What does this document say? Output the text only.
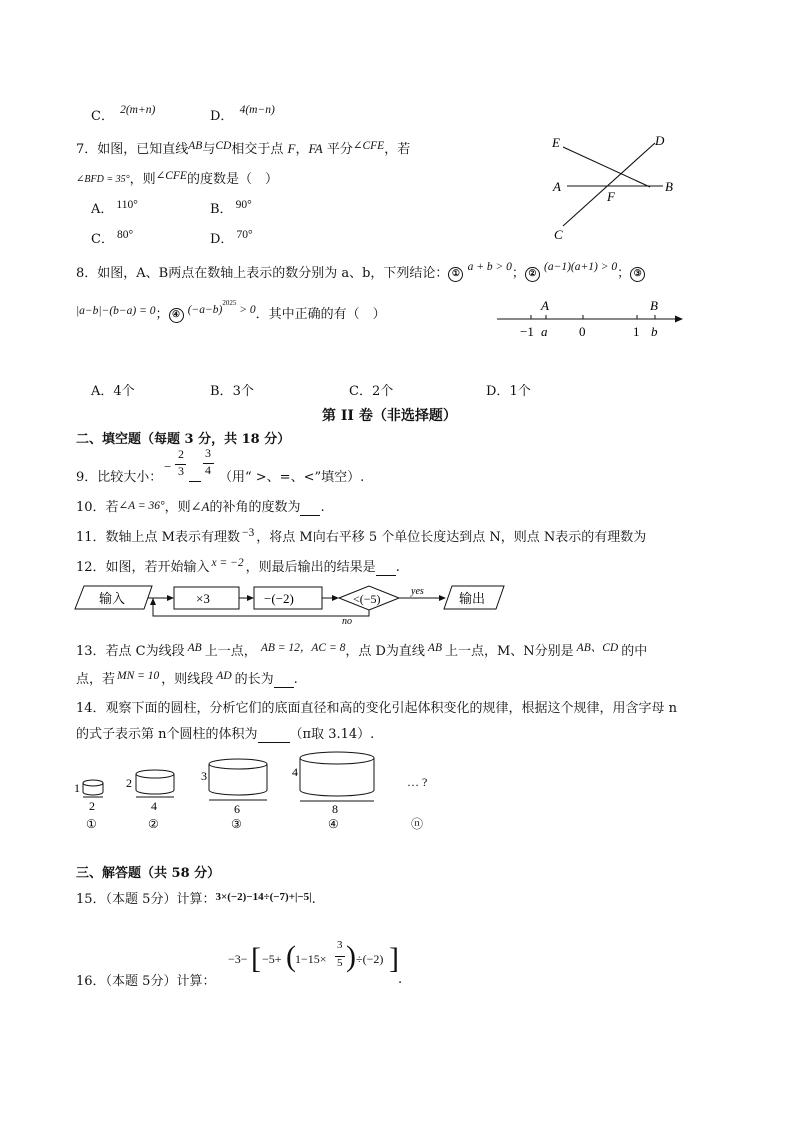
C． 2(m+n)	D． 4(m−n)
7．如图，已知直线AB与CD相交于点 F，FA 平分∠CFE，若
∠BFD = 35°，则∠CFE的度数是（　）
A． 110°	B． 90°
C． 80°	D． 70°
E	D
A	B
F
C
8．如图，A、B两点在数轴上表示的数分别为 a、b，下列结论： ① a + b > 0； ② (a−1)(a+1) > 0； ③
|a−b|−(b−a) = 0； ④ $(-a-b)^{2025} > 0$．其中正确的有（　）
A	B
−1 a 0	1 b
A．4个	B．3个	C．2个	D．1个
第 II 卷（非选择题）
二、填空题（每题 3 分，共 18 分）
9．比较大小：
−
2
3

3
4 （用“ >、=、<”填空）.
10．若∠A = 36°，则∠A的补角的度数为 .
11．数轴上点 M表示有理数 −3 ，将点 M向右平移 5 个单位长度达到点 N，则点 N表示的有理数为
12．如图，若开始输入 x = −2 ，则最后输出的结果是 .
输入	×3	−(−2)	<(−5)
yes	输出
no
13．若点 C为线段 AB 上一点， AB = 12，AC = 8，点 D为直线 AB 上一点，M、N分别是 AB、CD 的中
点，若 MN = 10 ，则线段 AD 的长为 .
14．观察下面的圆柱，分析它们的底面直径和高的变化引起体积变化的规律，根据这个规律，用含字母 n
的式子表示第 n个圆柱的体积为 （π取 3.14）.
1
2
①
2
4
②
3
6
③
4
8
④
… ?
ⓝ
三、解答题（共 58 分）
15．（本题 5分）计算：$^{3\times(-2)-14\div(-7)+|-5|}$.
16．（本题 5分）计算：
−3− [ −5+ ( 1−15×
3
5 ) ÷(−2) ]
.
